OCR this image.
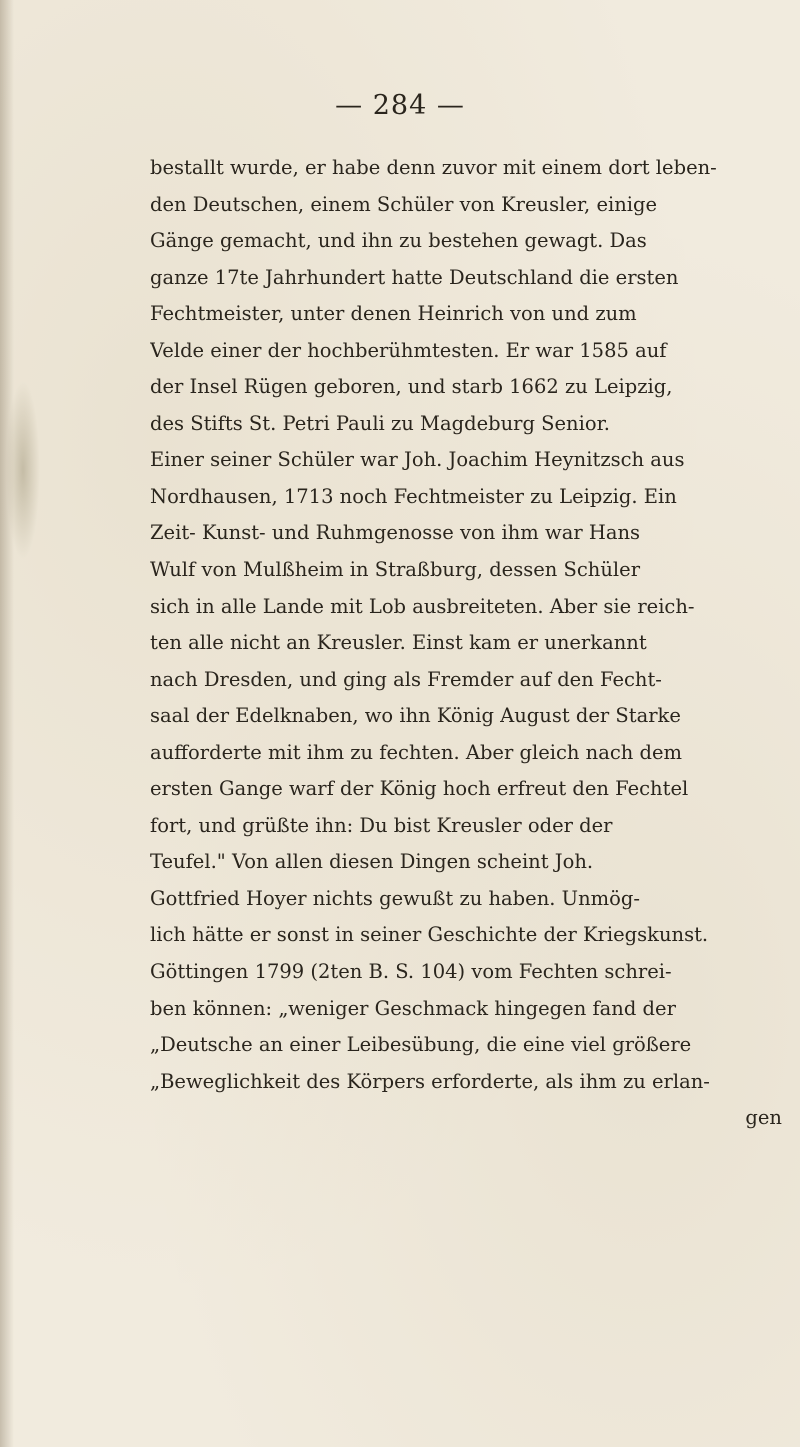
— 284 —
bestallt wurde, er habe denn zuvor mit einem dort leben-
den Deutschen, einem Schüler von Kreusler, einige
Gänge gemacht, und ihn zu bestehen gewagt. Das
ganze 17te Jahrhundert hatte Deutschland die ersten
Fechtmeister, unter denen Heinrich von und zum
Velde einer der hochberühmtesten. Er war 1585 auf
der Insel Rügen geboren, und starb 1662 zu Leipzig,
des Stifts St. Petri Pauli zu Magdeburg Senior.
Einer seiner Schüler war Joh. Joachim Heynitzsch aus
Nordhausen, 1713 noch Fechtmeister zu Leipzig. Ein
Zeit- Kunst- und Ruhmgenosse von ihm war Hans
Wulf von Mulßheim in Straßburg, dessen Schüler
sich in alle Lande mit Lob ausbreiteten. Aber sie reich-
ten alle nicht an Kreusler. Einst kam er unerkannt
nach Dresden, und ging als Fremder auf den Fecht-
saal der Edelknaben, wo ihn König August der Starke
aufforderte mit ihm zu fechten. Aber gleich nach dem
ersten Gange warf der König hoch erfreut den Fechtel
fort, und grüßte ihn: Du bist Kreusler oder der
Teufel." Von allen diesen Dingen scheint Joh.
Gottfried Hoyer nichts gewußt zu haben. Unmög-
lich hätte er sonst in seiner Geschichte der Kriegskunst.
Göttingen 1799 (2ten B. S. 104) vom Fechten schrei-
ben können: „weniger Geschmack hingegen fand der
„Deutsche an einer Leibesübung, die eine viel größere
„Beweglichkeit des Körpers erforderte, als ihm zu erlan-
gen
